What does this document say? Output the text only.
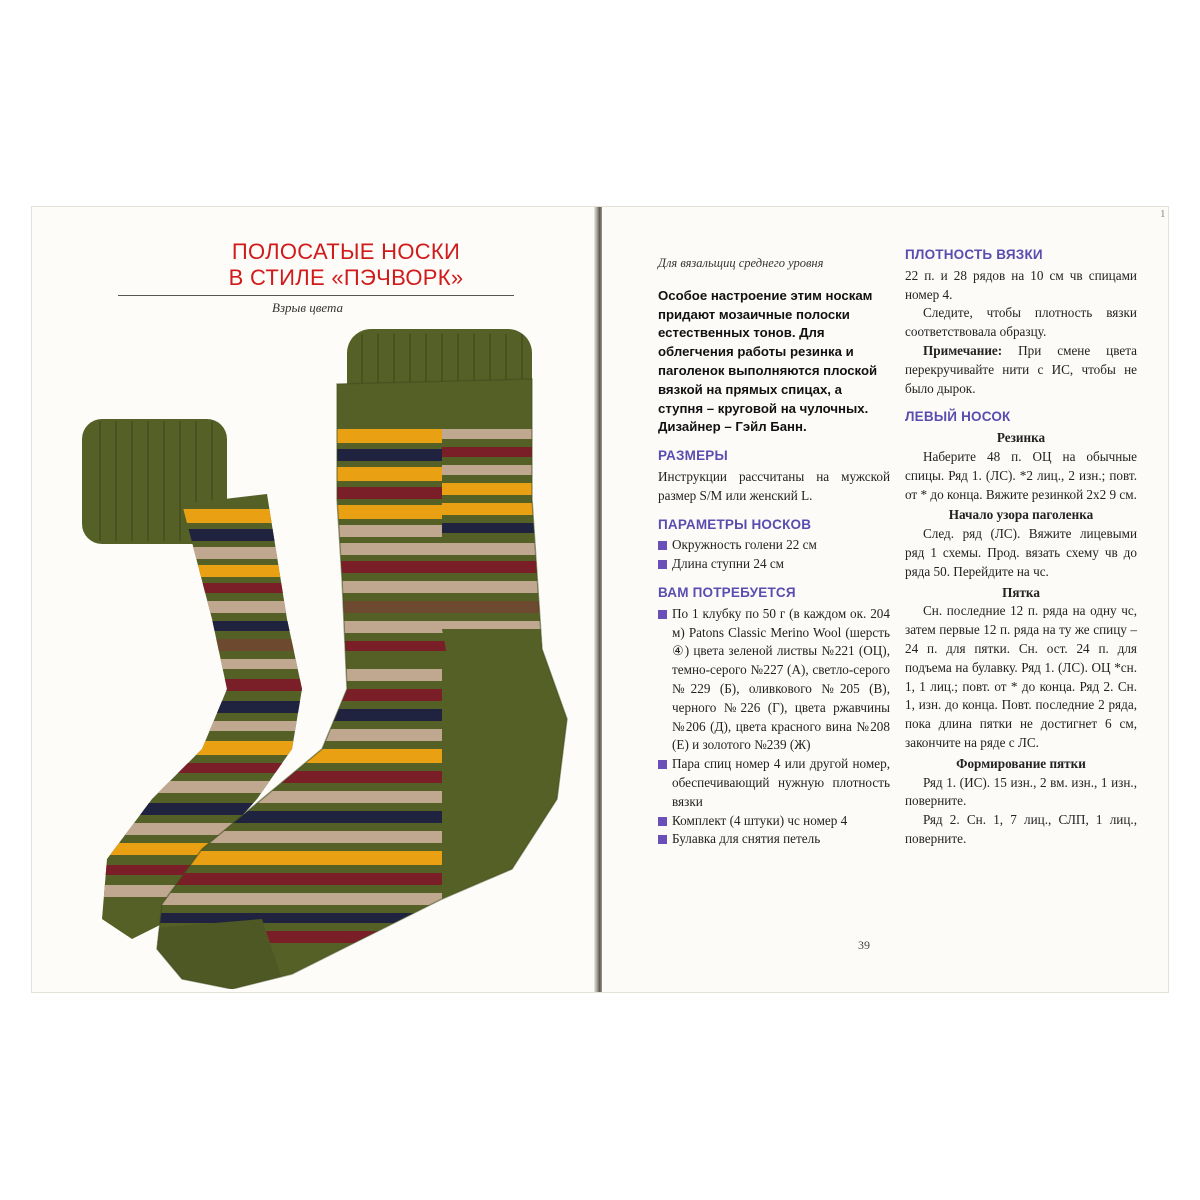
ПОЛОСАТЫЕ НОСКИ
В СТИЛЕ «ПЭЧВОРК»
Взрыв цвета
1
Для вязальщиц среднего уровня
Особое настроение этим носкам придают мозаичные полоски естественных тонов. Для облегчения работы резинка и паголенок выполняются плоской вязкой на прямых спицах, а ступня – круговой на чулочных. Дизайнер – Гэйл Банн.
РАЗМЕРЫ
Инструкции рассчитаны на мужской размер S/M или женский L.
ПАРАМЕТРЫ НОСКОВ
Окружность голени 22 см
Длина ступни 24 см
ВАМ ПОТРЕБУЕТСЯ
По 1 клубку по 50 г (в каждом ок. 204 м) Patons Classic Merino Wool (шерсть ④) цвета зеленой листвы №221 (ОЦ), темно-серого №227 (А), светло-серого №229 (Б), оливкового №205 (В), черного №226 (Г), цвета ржавчины №206 (Д), цвета красного вина №208 (Е) и золотого №239 (Ж)
Пара спиц номер 4 или другой номер, обеспечивающий нужную плотность вязки
Комплект (4 штуки) чс номер 4
Булавка для снятия петель
ПЛОТНОСТЬ ВЯЗКИ
22 п. и 28 рядов на 10 см чв спицами номер 4.
Следите, чтобы плотность вязки соответствовала образцу.
Примечание: При смене цвета перекручивайте нити с ИС, чтобы не было дырок.
ЛЕВЫЙ НОСОК
Резинка
Наберите 48 п. ОЦ на обычные спицы. Ряд 1. (ЛС). *2 лиц., 2 изн.; повт. от * до конца. Вяжите резинкой 2х2 9 см.
Начало узора паголенка
След. ряд (ЛС). Вяжите лицевыми ряд 1 схемы. Прод. вязать схему чв до ряда 50. Перейдите на чс.
Пятка
Сн. последние 12 п. ряда на одну чс, затем первые 12 п. ряда на ту же спицу – 24 п. для пятки. Сн. ост. 24 п. для подъема на булавку. Ряд 1. (ЛС). ОЦ *сн. 1, 1 лиц.; повт. от * до конца. Ряд 2. Сн. 1, изн. до конца. Повт. последние 2 ряда, пока длина пятки не достигнет 6 см, закончите на ряде с ЛС.
Формирование пятки
Ряд 1. (ИС). 15 изн., 2 вм. изн., 1 изн., поверните.
Ряд 2. Сн. 1, 7 лиц., СЛП, 1 лиц., поверните.
39
